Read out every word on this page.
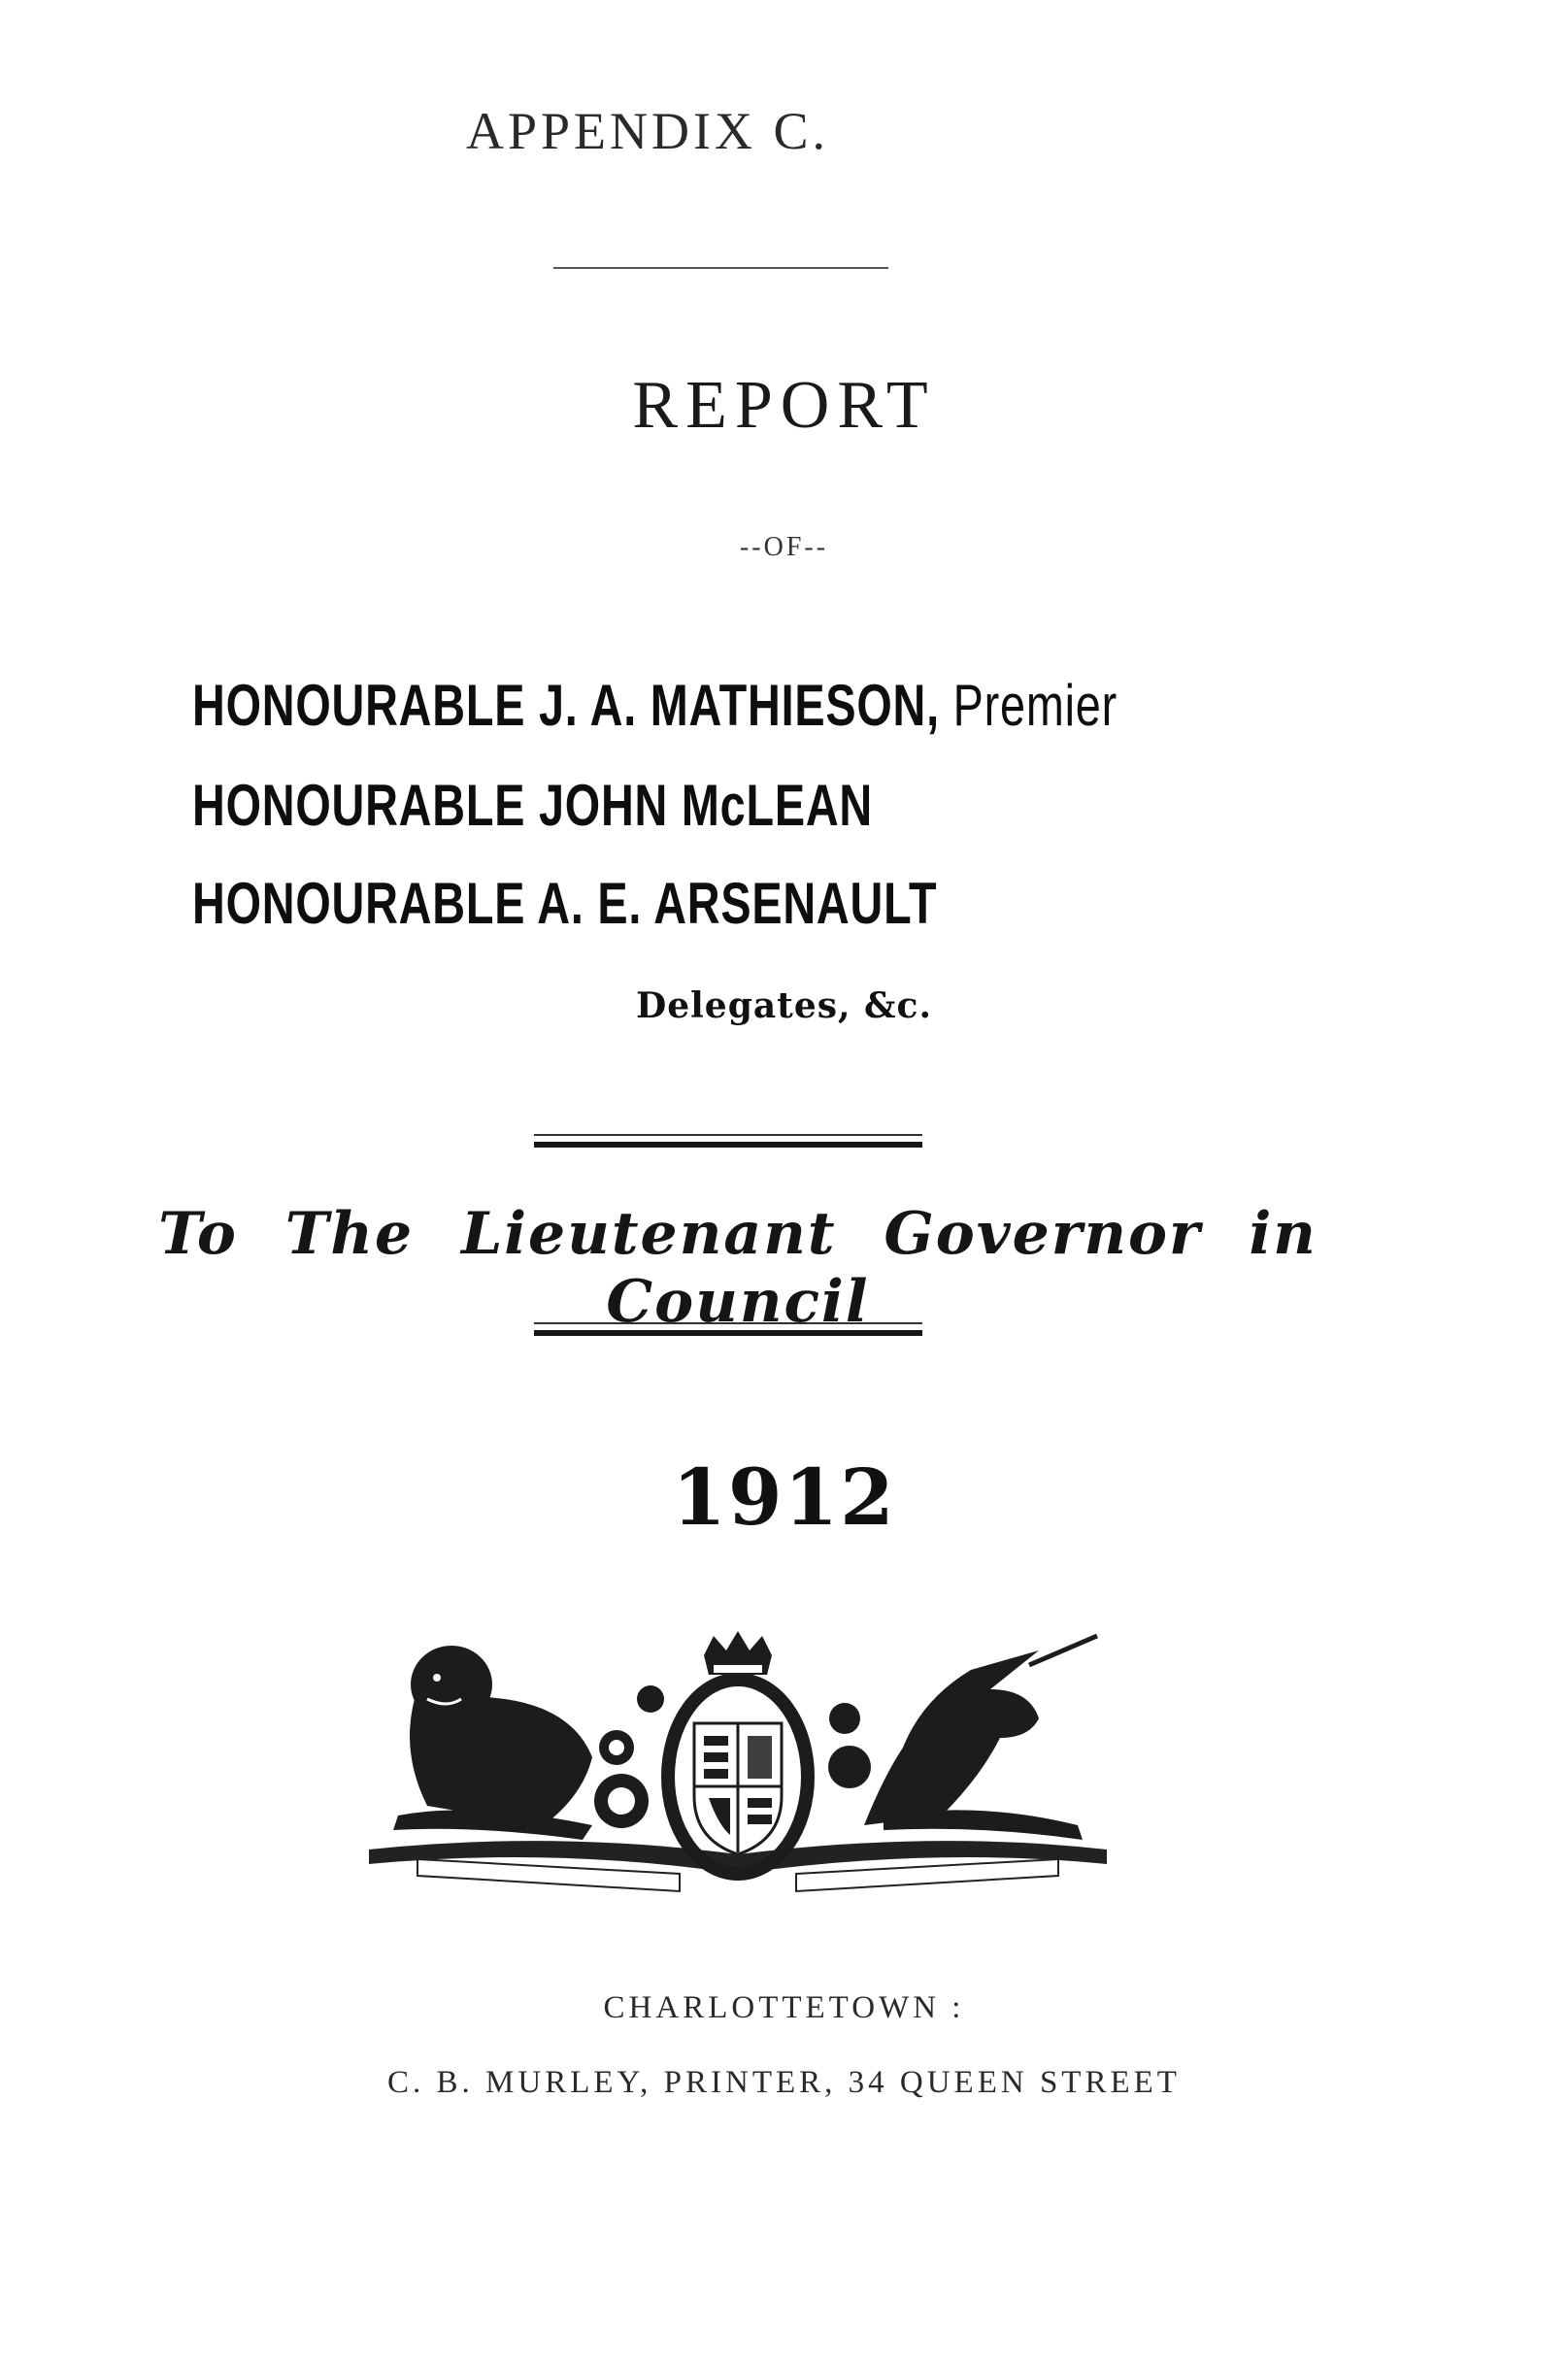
APPENDIX C.
REPORT
--OF--
HONOURABLE J. A. MATHIESON, Premier
HONOURABLE JOHN McLEAN
HONOURABLE A. E. ARSENAULT
Delegates, &c.
To The Lieutenant Governor in Council
1912
CHARLOTTETOWN :
C. B. MURLEY, PRINTER, 34 QUEEN STREET
